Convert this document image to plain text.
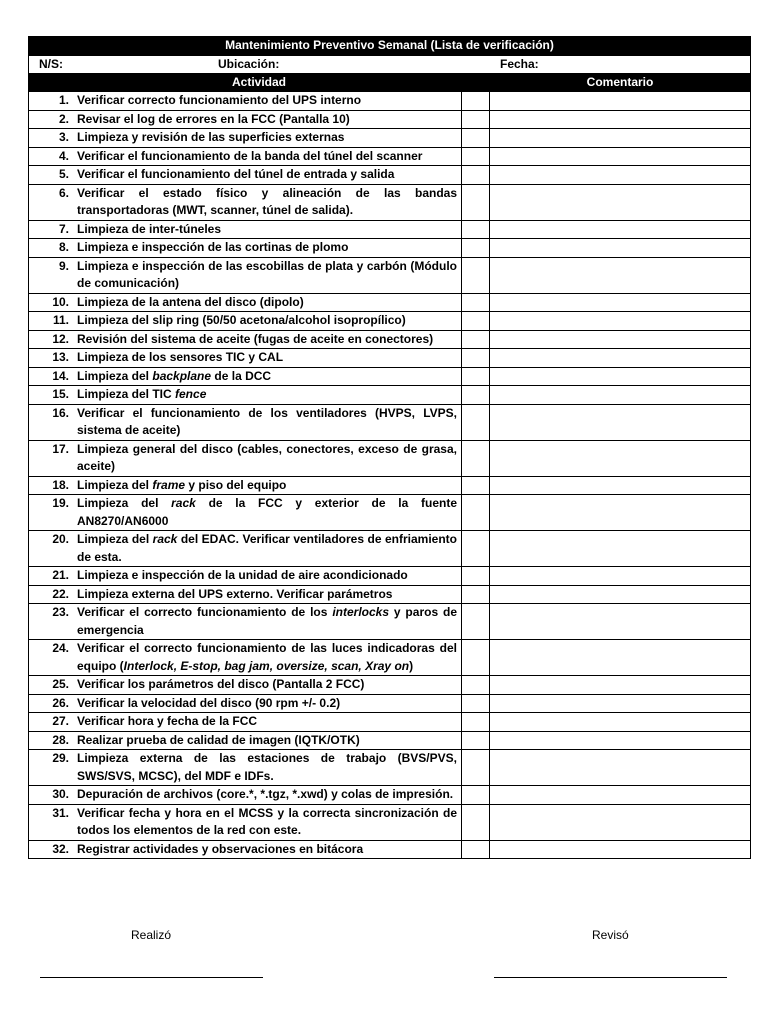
Mantenimiento Preventivo Semanal (Lista de verificación)		

N/S: Ubicación: Fecha:		

Actividad		Comentario

1. Verificar correcto funcionamiento del UPS interno		

2. Revisar el log de errores en la FCC (Pantalla 10)		

3. Limpieza y revisión de las superficies externas		

4. Verificar el funcionamiento de la banda del túnel del scanner		

5. Verificar el funcionamiento del túnel de entrada y salida		

6. Verificar el estado físico y alineación de las bandas transportadoras (MWT, scanner, túnel de salida).		

7. Limpieza de inter-túneles		

8. Limpieza e inspección de las cortinas de plomo		

9. Limpieza e inspección de las escobillas de plata y carbón (Módulo de comunicación)		

10. Limpieza de la antena del disco (dipolo)		

11. Limpieza del slip ring (50/50 acetona/alcohol isopropílico)		

12. Revisión del sistema de aceite (fugas de aceite en conectores)		

13. Limpieza de los sensores TIC y CAL		

14. Limpieza del backplane de la DCC		

15. Limpieza del TIC fence		

16. Verificar el funcionamiento de los ventiladores (HVPS, LVPS, sistema de aceite)		

17. Limpieza general del disco (cables, conectores, exceso de grasa, aceite)		

18. Limpieza del frame y piso del equipo		

19. Limpieza del rack de la FCC y exterior de la fuente AN8270/AN6000		

20. Limpieza del rack del EDAC. Verificar ventiladores de enfriamiento de esta.		

21. Limpieza e inspección de la unidad de aire acondicionado		

22. Limpieza externa del UPS externo. Verificar parámetros		

23. Verificar el correcto funcionamiento de los interlocks y paros de emergencia		

24. Verificar el correcto funcionamiento de las luces indicadoras del equipo (Interlock, E-stop, bag jam, oversize, scan, Xray on)		

25. Verificar los parámetros del disco (Pantalla 2 FCC)		

26. Verificar la velocidad del disco (90 rpm +/- 0.2)		

27. Verificar hora y fecha de la FCC		

28. Realizar prueba de calidad de imagen (IQTK/OTK)		

29. Limpieza externa de las estaciones de trabajo (BVS/PVS, SWS/SVS, MCSC), del MDF e IDFs.		

30. Depuración de archivos (core.*, *.tgz, *.xwd) y colas de impresión.		

31. Verificar fecha y hora en el MCSS y la correcta sincronización de todos los elementos de la red con este.		

32. Registrar actividades y observaciones en bitácora		

Realizó	Revisó
